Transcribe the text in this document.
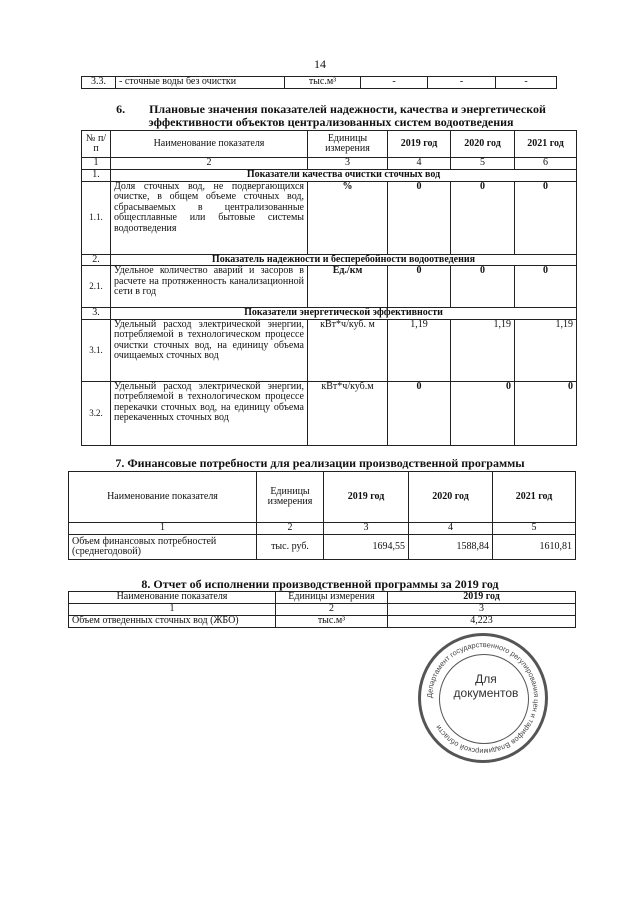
14
3.3.	- сточные воды без очистки	тыс.м³	-	-	-
6.        Плановые значения показателей надежности, качества и энергетической
эффективности объектов централизованных систем водоотведения
№ п/п	Наименование показателя	Единицы измерения	2019 год	2020 год	2021 год
1	2	3	4	5	6
1.	Показатели качества очистки сточных вод				
1.1.	Доля сточных вод, не подвергающихся очистке, в общем объеме сточных вод, сбрасываемых в централизованные общесплавные или бытовые системы водоотведения	%	0	0	0
2.	Показатель надежности и бесперебойности водоотведения				
2.1.	Удельное количество аварий и засоров в расчете на протяженность канализационной сети в год	Ед./км	0	0	0
3.	Показатели энергетической эффективности				
3.1.	Удельный расход электрической энергии, потребляемой в технологическом процессе очистки сточных вод, на единицу объема очищаемых сточных вод	кВт*ч/куб. м	1,19	1,19	1,19
3.2.	Удельный расход электрической энергии, потребляемой в технологическом процессе перекачки сточных вод, на единицу объема перекаченных сточных вод	кВт*ч/куб.м	0	0	0
7. Финансовые потребности для реализации производственной программы
Наименование показателя	Единицы измерения	2019 год	2020 год	2021 год
1	2	3	4	5
Объем финансовых потребностей (среднегодовой)	тыс. руб.	1694,55	1588,84	1610,81
8. Отчет об исполнении производственной программы за 2019 год
Наименование показателя	Единицы измерения	2019 год
1	2	3
Объем отведенных сточных вод (ЖБО)	тыс.м³	4,223
Департамент государственного регулирования цен и тарифов Владимирской области
Для документов
